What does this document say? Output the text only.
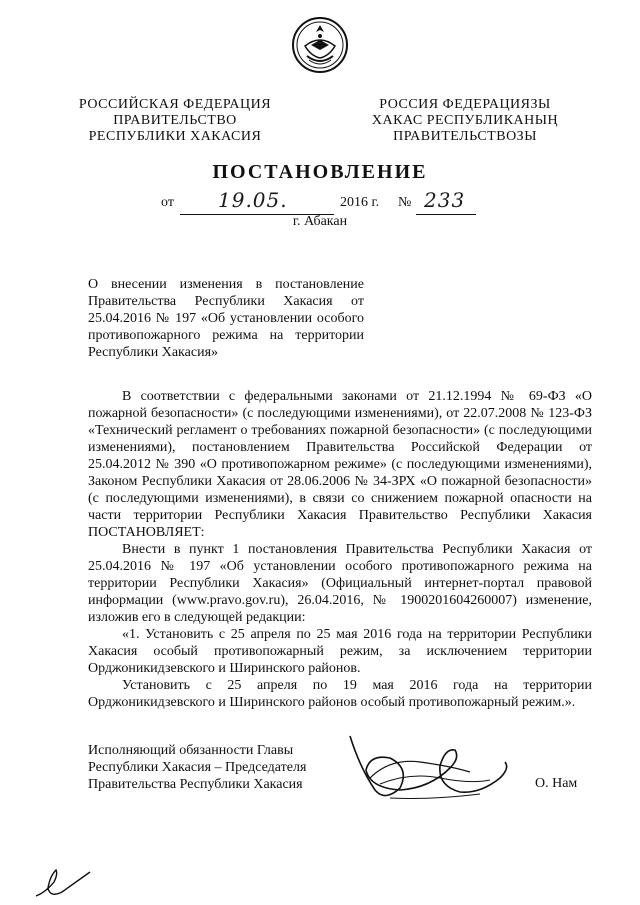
РОССИЙСКАЯ ФЕДЕРАЦИЯ
ПРАВИТЕЛЬСТВО
РЕСПУБЛИКИ ХАКАСИЯ
РОССИЯ ФЕДЕРАЦИЯЗЫ
ХАКАС РЕСПУБЛИКАНЫҢ
ПРАВИТЕЛЬСТВОЗЫ
ПОСТАНОВЛЕНИЕ
от 19.05.	2016 г. № 233
г. Абакан
О внесении изменения в постановление Правительства Республики Хакасия от 25.04.2016 № 197 «Об установлении особого противопожарного режима на территории Республики Хакасия»

В соответствии с федеральными законами от 21.12.1994 № 69-ФЗ «О пожарной безопасности» (с последующими изменениями), от 22.07.2008 № 123-ФЗ «Технический регламент о требованиях пожарной безопасности» (с последующими изменениями), постановлением Правительства Российской Федерации от 25.04.2012 № 390 «О противопожарном режиме» (с последующими изменениями), Законом Республики Хакасия от 28.06.2006 № 34-ЗРХ «О пожарной безопасности» (с последующими изменениями), в связи со снижением пожарной опасности на части территории Республики Хакасия Правительство Республики Хакасия ПОСТАНОВЛЯЕТ:

Внести в пункт 1 постановления Правительства Республики Хакасия от 25.04.2016 № 197 «Об установлении особого противопожарного режима на территории Республики Хакасия» (Официальный интернет-портал правовой информации (www.pravo.gov.ru), 26.04.2016, № 1900201604260007) изменение, изложив его в следующей редакции:

«1. Установить с 25 апреля по 25 мая 2016 года на территории Республики Хакасия особый противопожарный режим, за исключением территории Орджоникидзевского и Ширинского районов.

Установить с 25 апреля по 19 мая 2016 года на территории Орджоникидзевского и Ширинского районов особый противопожарный режим.».

Исполняющий обязанности Главы
Республики Хакасия – Председателя
Правительства Республики Хакасия	О. Нам
